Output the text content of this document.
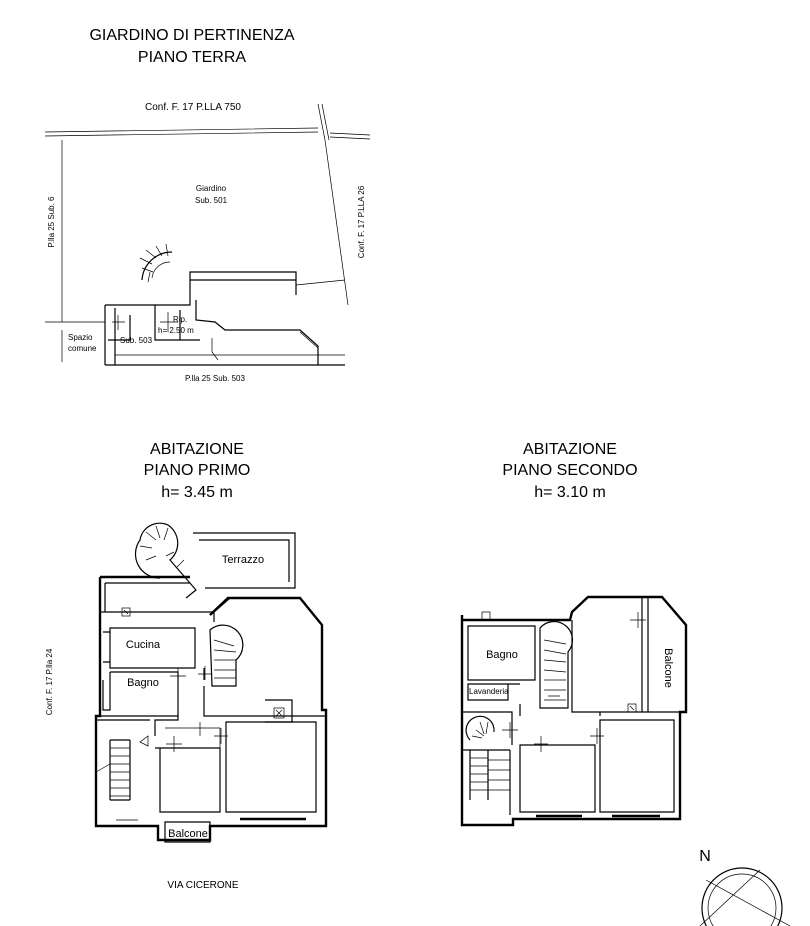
GIARDINO DI PERTINENZA
PIANO TERRA
Conf. F. 17 P.LLA 750
P.lla 25 Sub. 6	Conf. F. 17 P.LLA 26
Giardino
Sub. 501
Rip.
h= 2.50 m
Spazio
comune
Sub. 503
P.lla 25 Sub. 503
ABITAZIONE
PIANO PRIMO
h= 3.45 m
Conf. F. 17 P.lla 24
Terrazzo
Cucina
Bagno
Balcone
ABITAZIONE
PIANO SECONDO
h= 3.10 m
Bagno
Lavanderia
Balcone
VIA CICERONE
N
